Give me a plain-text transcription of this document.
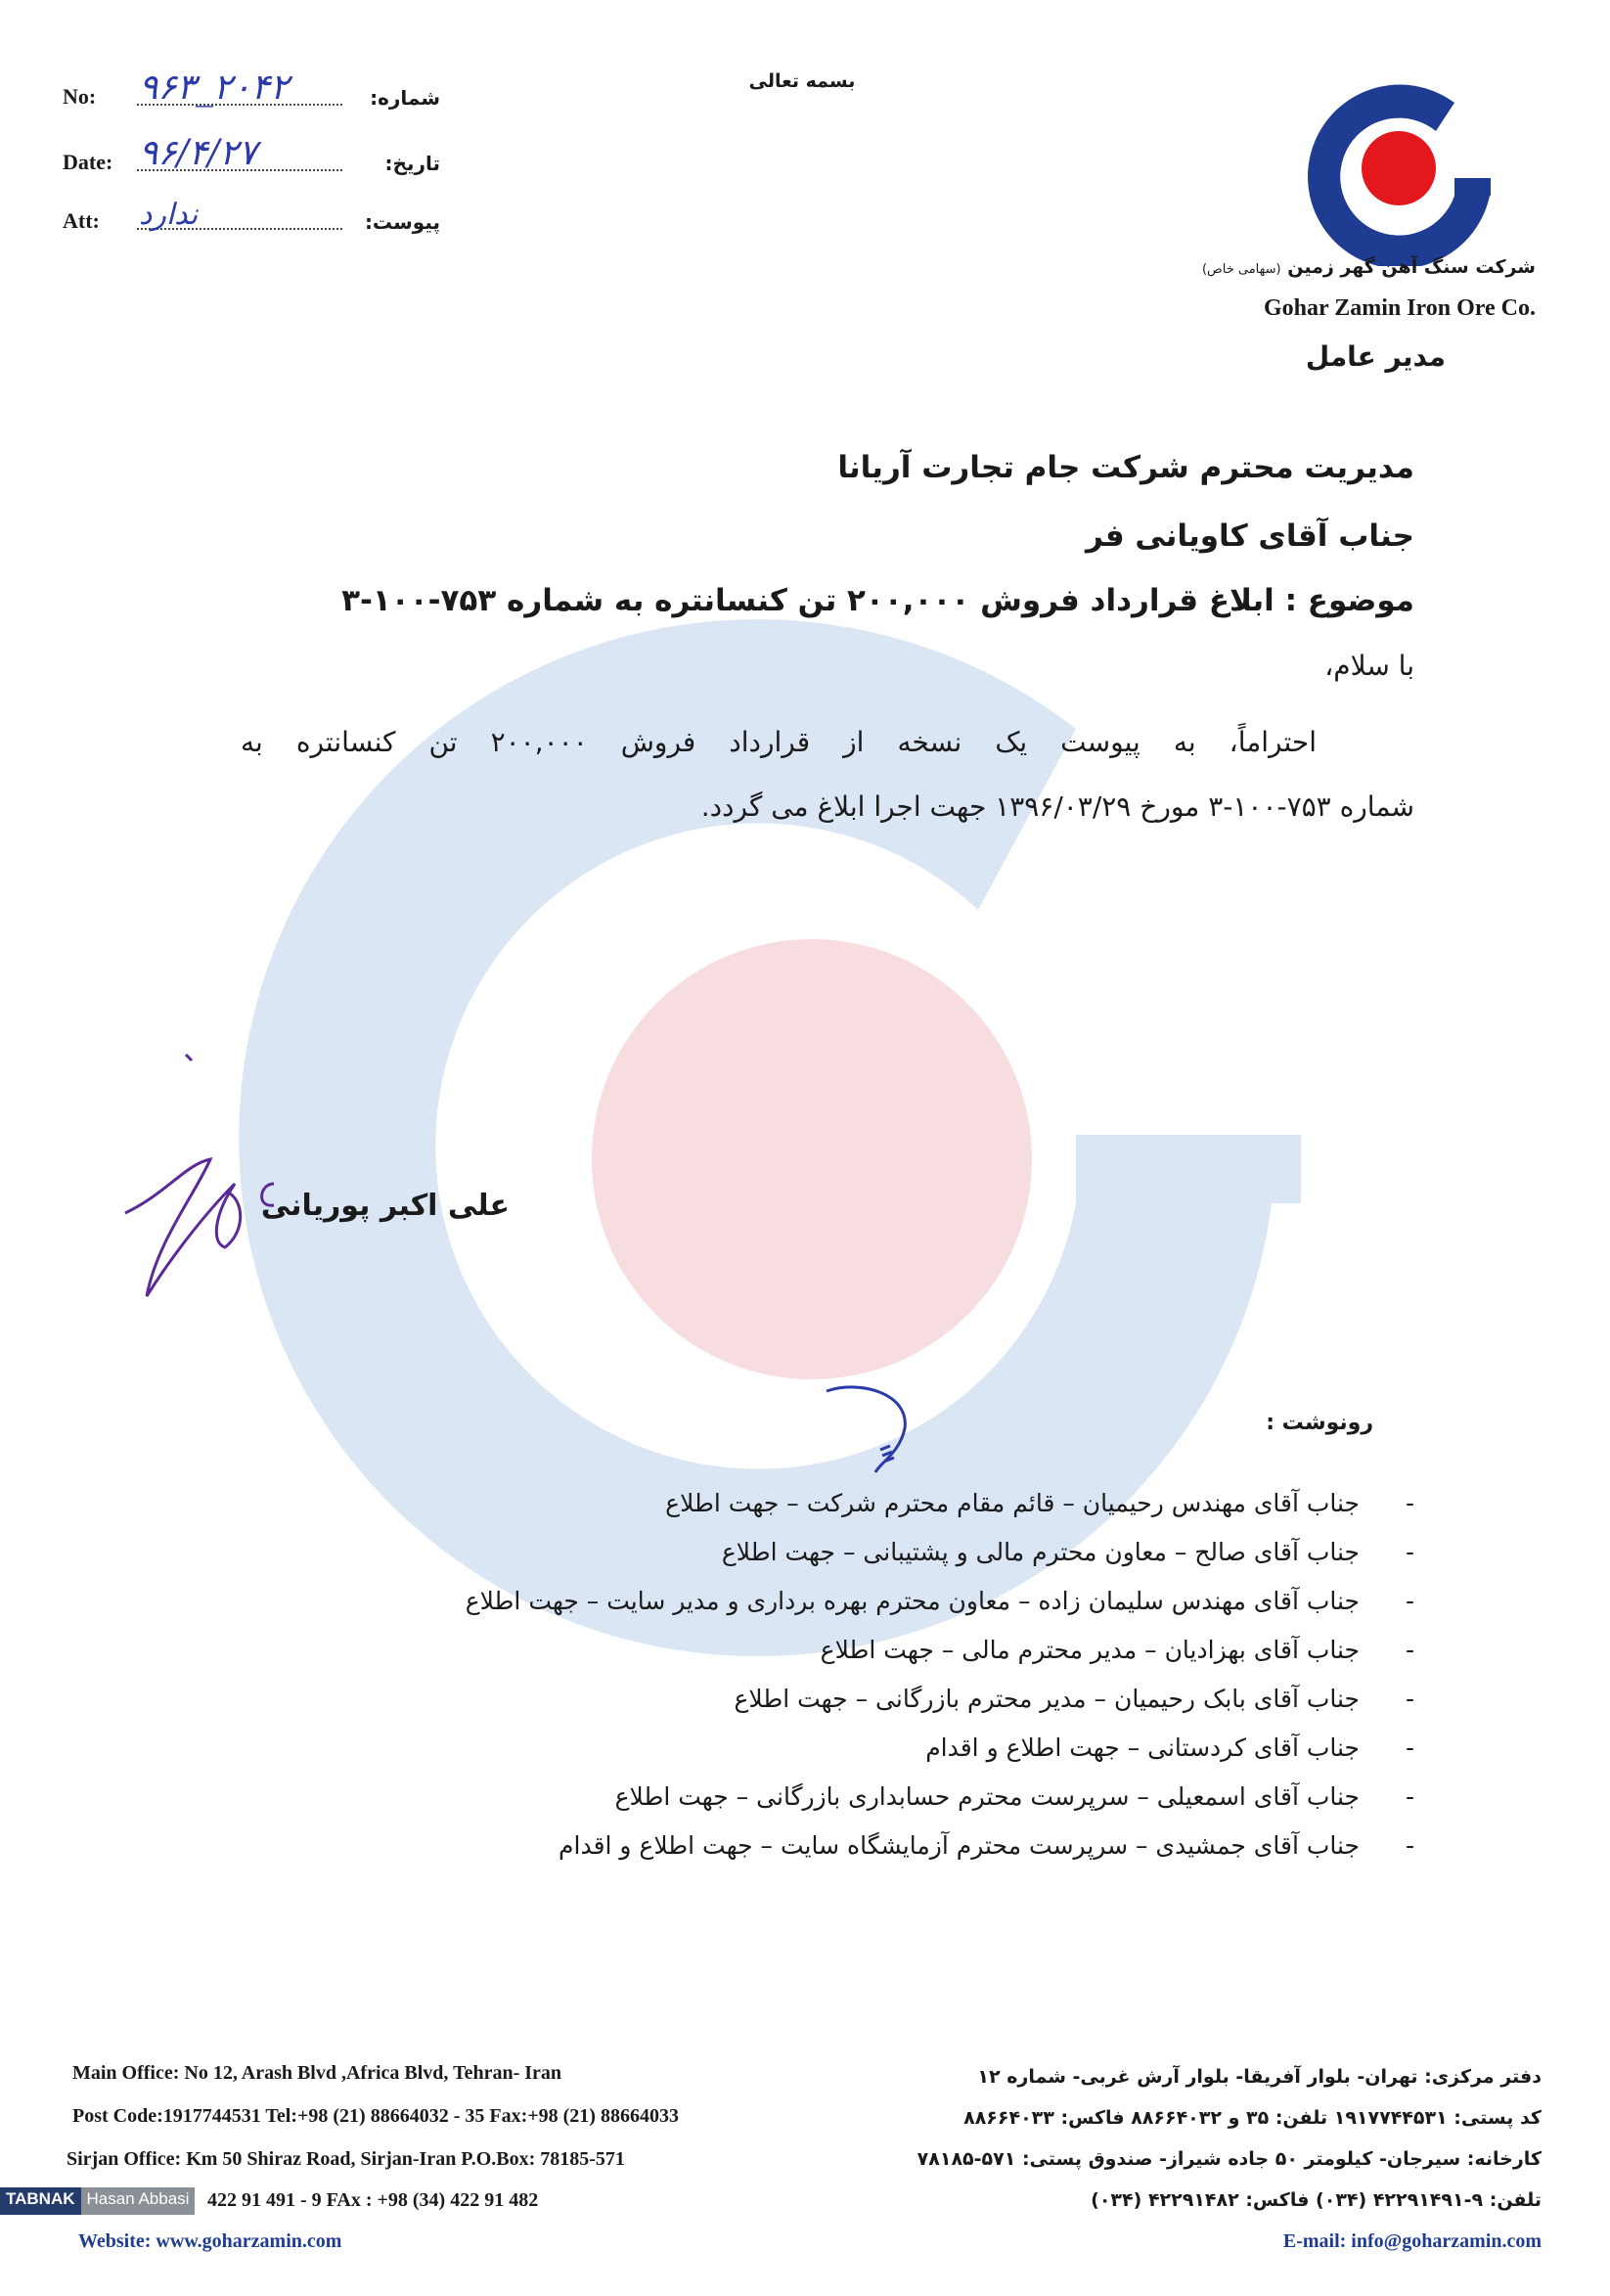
No: ۹۶۳_۲۰۴۲	شماره:
Date: ۹۶/۴/۲۷	تاریخ:
Att: ندارد	پیوست:
بسمه تعالی
شرکت سنگ آهن گهر زمین (سهامی خاص)
Gohar Zamin Iron Ore Co.
مدیر عامل
مدیریت محترم شرکت جام تجارت آریانا
جناب آقای کاویانی فر
موضوع : ابلاغ قرارداد فروش ۲۰۰,۰۰۰ تن کنسانتره به شماره ۷۵۳-۱۰۰-۳
با سلام،
احتراماً، به پیوست یک نسخه از قرارداد فروش ۲۰۰,۰۰۰ تن کنسانتره به
شماره ۷۵۳-۱۰۰-۳ مورخ ۱۳۹۶/۰۳/۲۹ جهت اجرا ابلاغ می گردد.
علی اکبر پوریانی
رونوشت :
-
جناب آقای مهندس رحیمیان – قائم مقام محترم شرکت – جهت اطلاع
-
جناب آقای صالح – معاون محترم مالی و پشتیبانی – جهت اطلاع
-
جناب آقای مهندس سلیمان زاده – معاون محترم بهره برداری و مدیر سایت – جهت اطلاع
-
جناب آقای بهزادیان – مدیر محترم مالی – جهت اطلاع
-
جناب آقای بابک رحیمیان – مدیر محترم بازرگانی – جهت اطلاع
-
جناب آقای کردستانی – جهت اطلاع و اقدام
-
جناب آقای اسمعیلی – سرپرست محترم حسابداری بازرگانی – جهت اطلاع
-
جناب آقای جمشیدی – سرپرست محترم آزمایشگاه سایت – جهت اطلاع و اقدام
Main Office: No 12, Arash Blvd ,Africa Blvd, Tehran- Iran
Post Code:1917744531 Tel:+98 (21) 88664032 - 35 Fax:+98 (21) 88664033
Sirjan Office: Km 50 Shiraz Road, Sirjan-Iran P.O.Box: 78185-571
422 91 491 - 9 FAx : +98 (34) 422 91 482
Website: www.goharzamin.com
دفتر مرکزی: تهران- بلوار آفریقا- بلوار آرش غربی- شماره ۱۲
کد پستی: ۱۹۱۷۷۴۴۵۳۱ تلفن: ۳۵ و ۸۸۶۶۴۰۳۲ فاکس: ۸۸۶۶۴۰۳۳
کارخانه: سیرجان- کیلومتر ۵۰ جاده شیراز- صندوق پستی: ۵۷۱-۷۸۱۸۵
تلفن: ۹-۴۲۲۹۱۴۹۱ (۰۳۴) فاکس: ۴۲۲۹۱۴۸۲ (۰۳۴)
E-mail: info@goharzamin.com
TABNAK Hasan Abbasi
